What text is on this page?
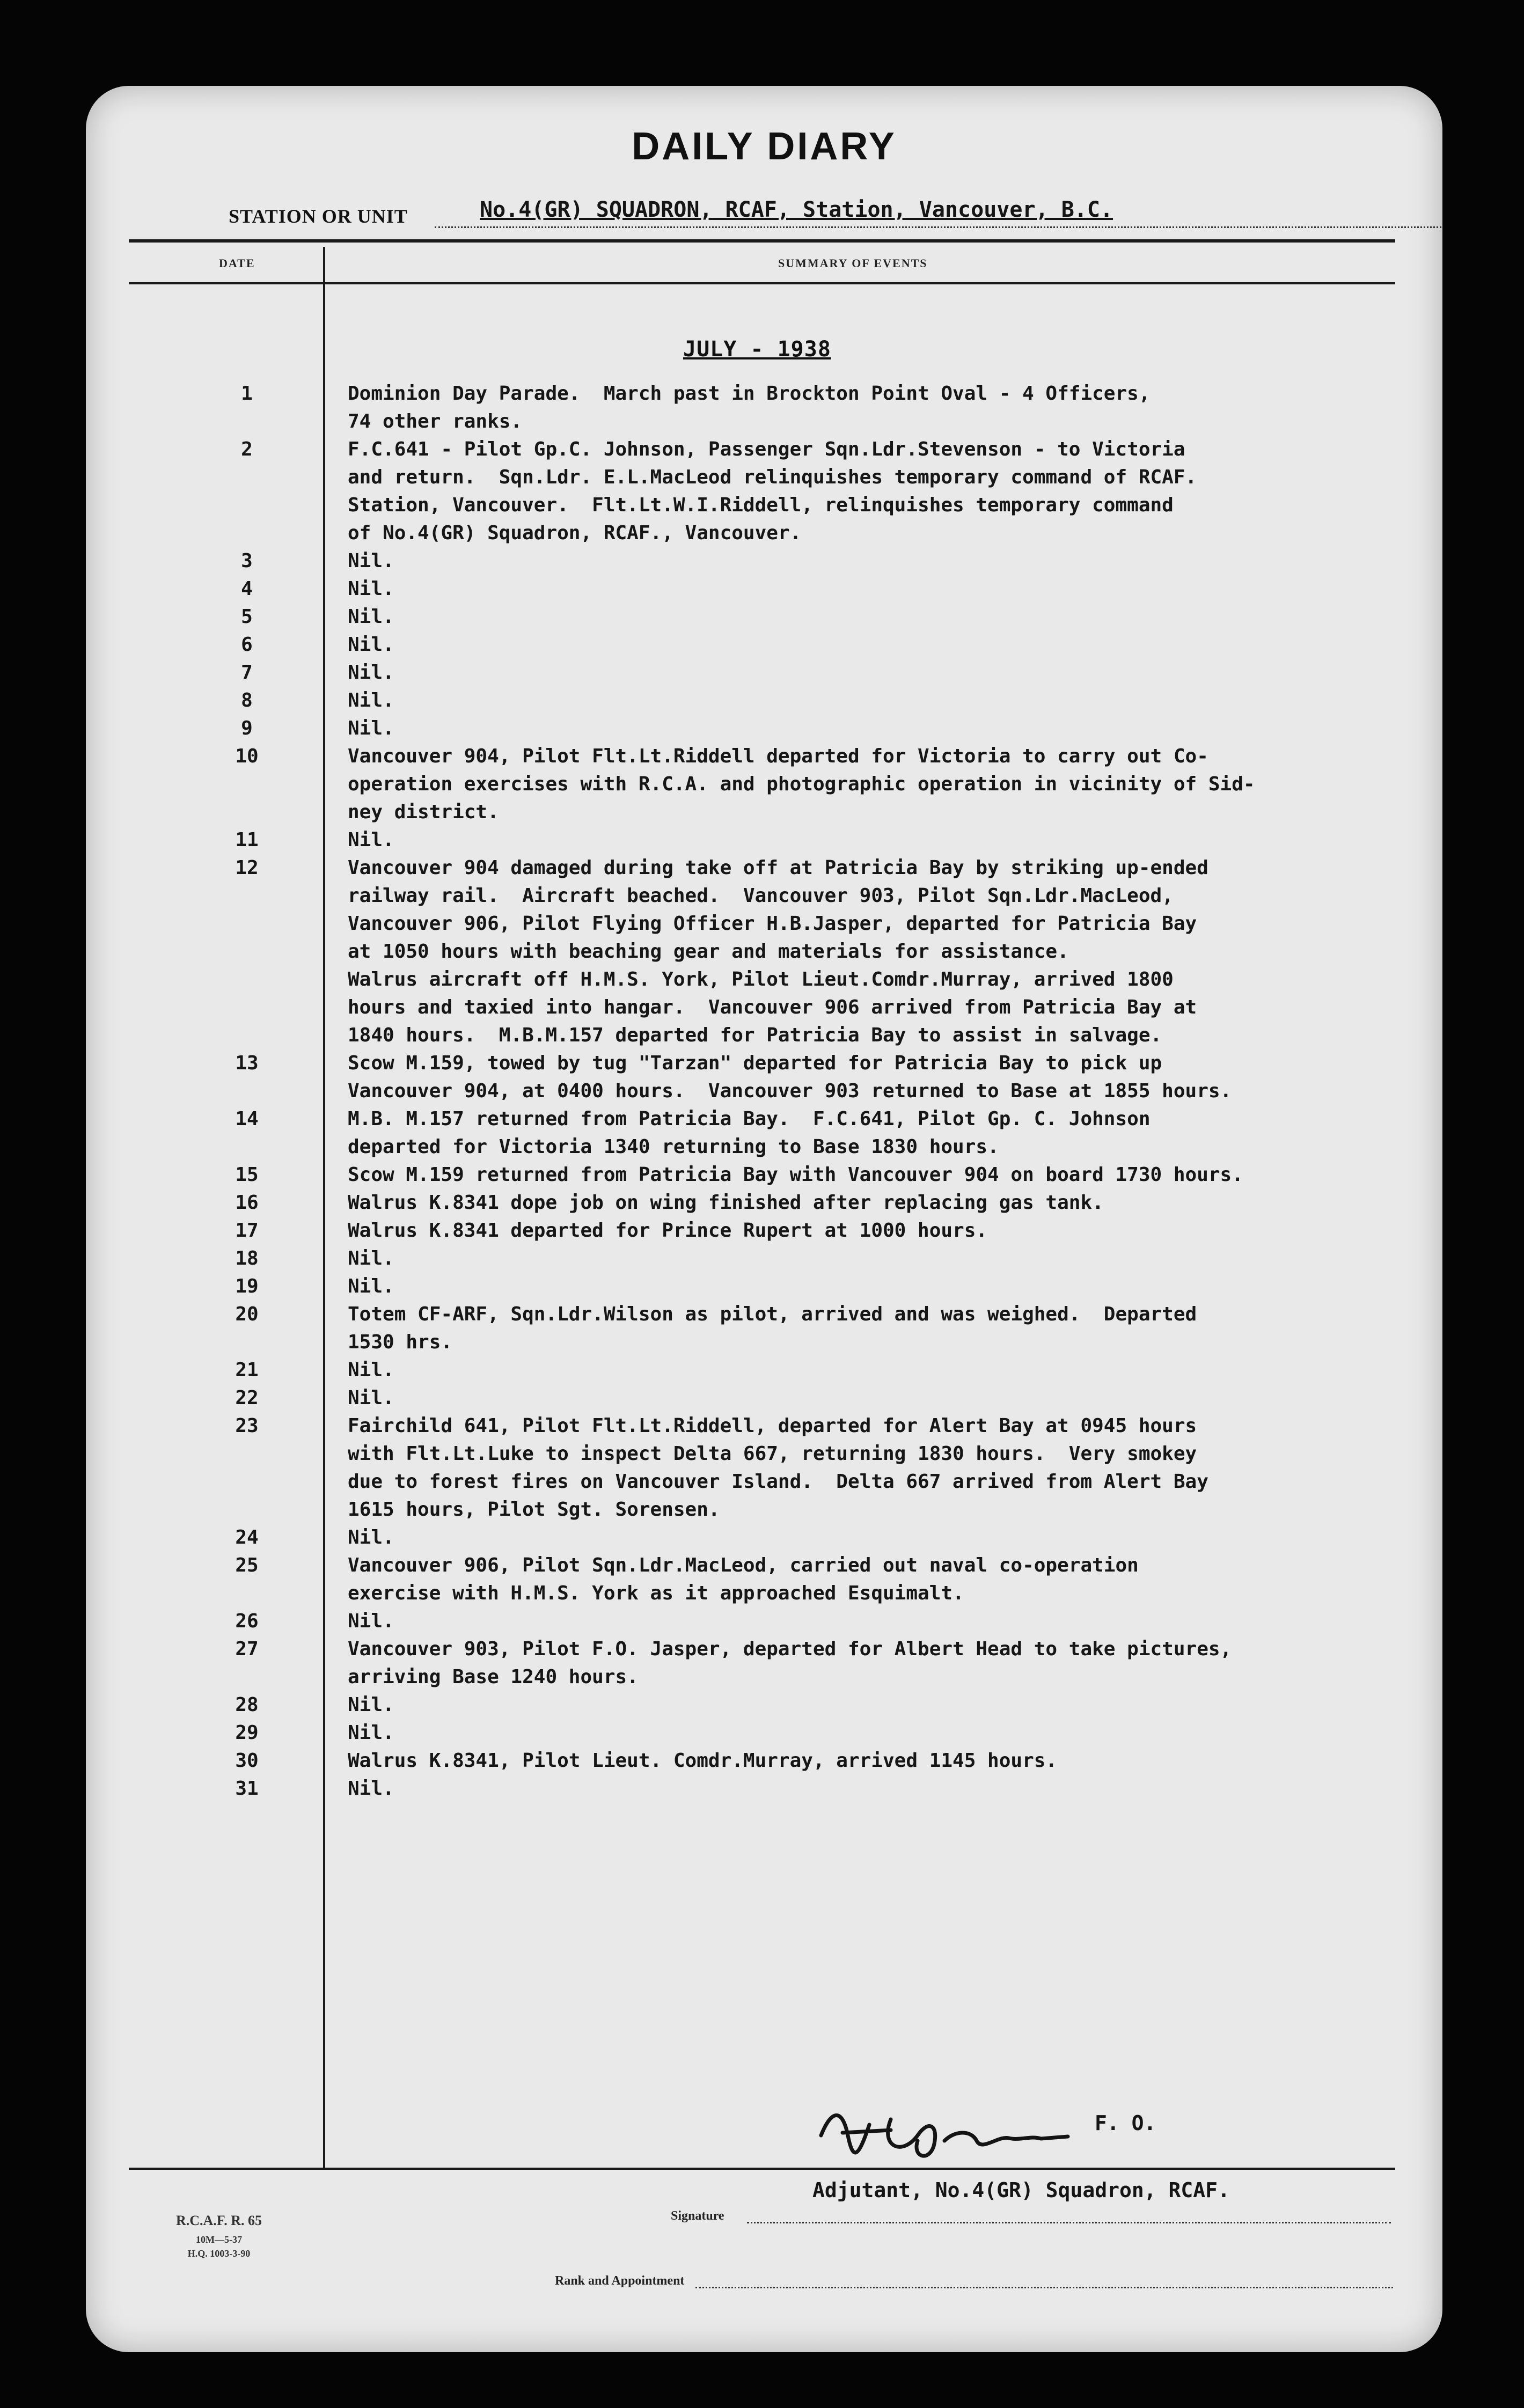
DAILY DIARY
STATION OR UNIT	No.4(GR) SQUADRON, RCAF, Station, Vancouver, B.C.
DATE	SUMMARY OF EVENTS
JULY - 1938
1	Dominion Day Parade.  March past in Brockton Point Oval - 4 Officers,
74 other ranks.
2	F.C.641 - Pilot Gp.C. Johnson, Passenger Sqn.Ldr.Stevenson - to Victoria
and return.  Sqn.Ldr. E.L.MacLeod relinquishes temporary command of RCAF.
Station, Vancouver.  Flt.Lt.W.I.Riddell, relinquishes temporary command
of No.4(GR) Squadron, RCAF., Vancouver.
3	Nil.
4	Nil.
5	Nil.
6	Nil.
7	Nil.
8	Nil.
9	Nil.
10	Vancouver 904, Pilot Flt.Lt.Riddell departed for Victoria to carry out Co-
operation exercises with R.C.A. and photographic operation in vicinity of Sid-
ney district.
11	Nil.
12	Vancouver 904 damaged during take off at Patricia Bay by striking up-ended
railway rail.  Aircraft beached.  Vancouver 903, Pilot Sqn.Ldr.MacLeod,
Vancouver 906, Pilot Flying Officer H.B.Jasper, departed for Patricia Bay
at 1050 hours with beaching gear and materials for assistance.
Walrus aircraft off H.M.S. York, Pilot Lieut.Comdr.Murray, arrived 1800
hours and taxied into hangar.  Vancouver 906 arrived from Patricia Bay at
1840 hours.  M.B.M.157 departed for Patricia Bay to assist in salvage.
13	Scow M.159, towed by tug "Tarzan" departed for Patricia Bay to pick up
Vancouver 904, at 0400 hours.  Vancouver 903 returned to Base at 1855 hours.
14	M.B. M.157 returned from Patricia Bay.  F.C.641, Pilot Gp. C. Johnson
departed for Victoria 1340 returning to Base 1830 hours.
15	Scow M.159 returned from Patricia Bay with Vancouver 904 on board 1730 hours.
16	Walrus K.8341 dope job on wing finished after replacing gas tank.
17	Walrus K.8341 departed for Prince Rupert at 1000 hours.
18	Nil.
19	Nil.
20	Totem CF-ARF, Sqn.Ldr.Wilson as pilot, arrived and was weighed.  Departed
1530 hrs.
21	Nil.
22	Nil.
23	Fairchild 641, Pilot Flt.Lt.Riddell, departed for Alert Bay at 0945 hours
with Flt.Lt.Luke to inspect Delta 667, returning 1830 hours.  Very smokey
due to forest fires on Vancouver Island.  Delta 667 arrived from Alert Bay
1615 hours, Pilot Sgt. Sorensen.
24	Nil.
25	Vancouver 906, Pilot Sqn.Ldr.MacLeod, carried out naval co-operation
exercise with H.M.S. York as it approached Esquimalt.
26	Nil.
27	Vancouver 903, Pilot F.O. Jasper, departed for Albert Head to take pictures,
arriving Base 1240 hours.
28	Nil.
29	Nil.
30	Walrus K.8341, Pilot Lieut. Comdr.Murray, arrived 1145 hours.
31	Nil.
F. O.
Adjutant, No.4(GR) Squadron, RCAF.
Signature
Rank and Appointment
R.C.A.F. R. 65
10M—5-37
H.Q. 1003-3-90
